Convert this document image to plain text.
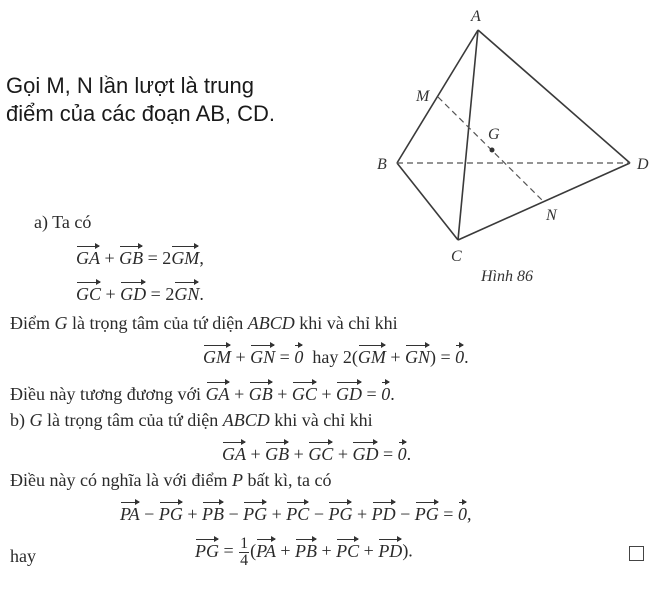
Gọi M, N lần lượt là trung
điểm của các đoạn AB, CD.
A
M
G
B	D
N
C
Hình 86
a) Ta có
GA + GB = 2GM,
GC + GD = 2GN.
Điểm G là trọng tâm của tứ diện ABCD khi và chỉ khi
GM + GN = 0 hay 2(GM + GN) = 0.
Điều này tương đương với GA + GB + GC + GD = 0.
b) G là trọng tâm của tứ diện ABCD khi và chỉ khi
GA + GB + GC + GD = 0.
Điều này có nghĩa là với điểm P bất kì, ta có
PA − PG + PB − PG + PC − PG + PD − PG = 0,
hay	PG = $\frac{1}{4} (PA$ + PB + PC + PD).
